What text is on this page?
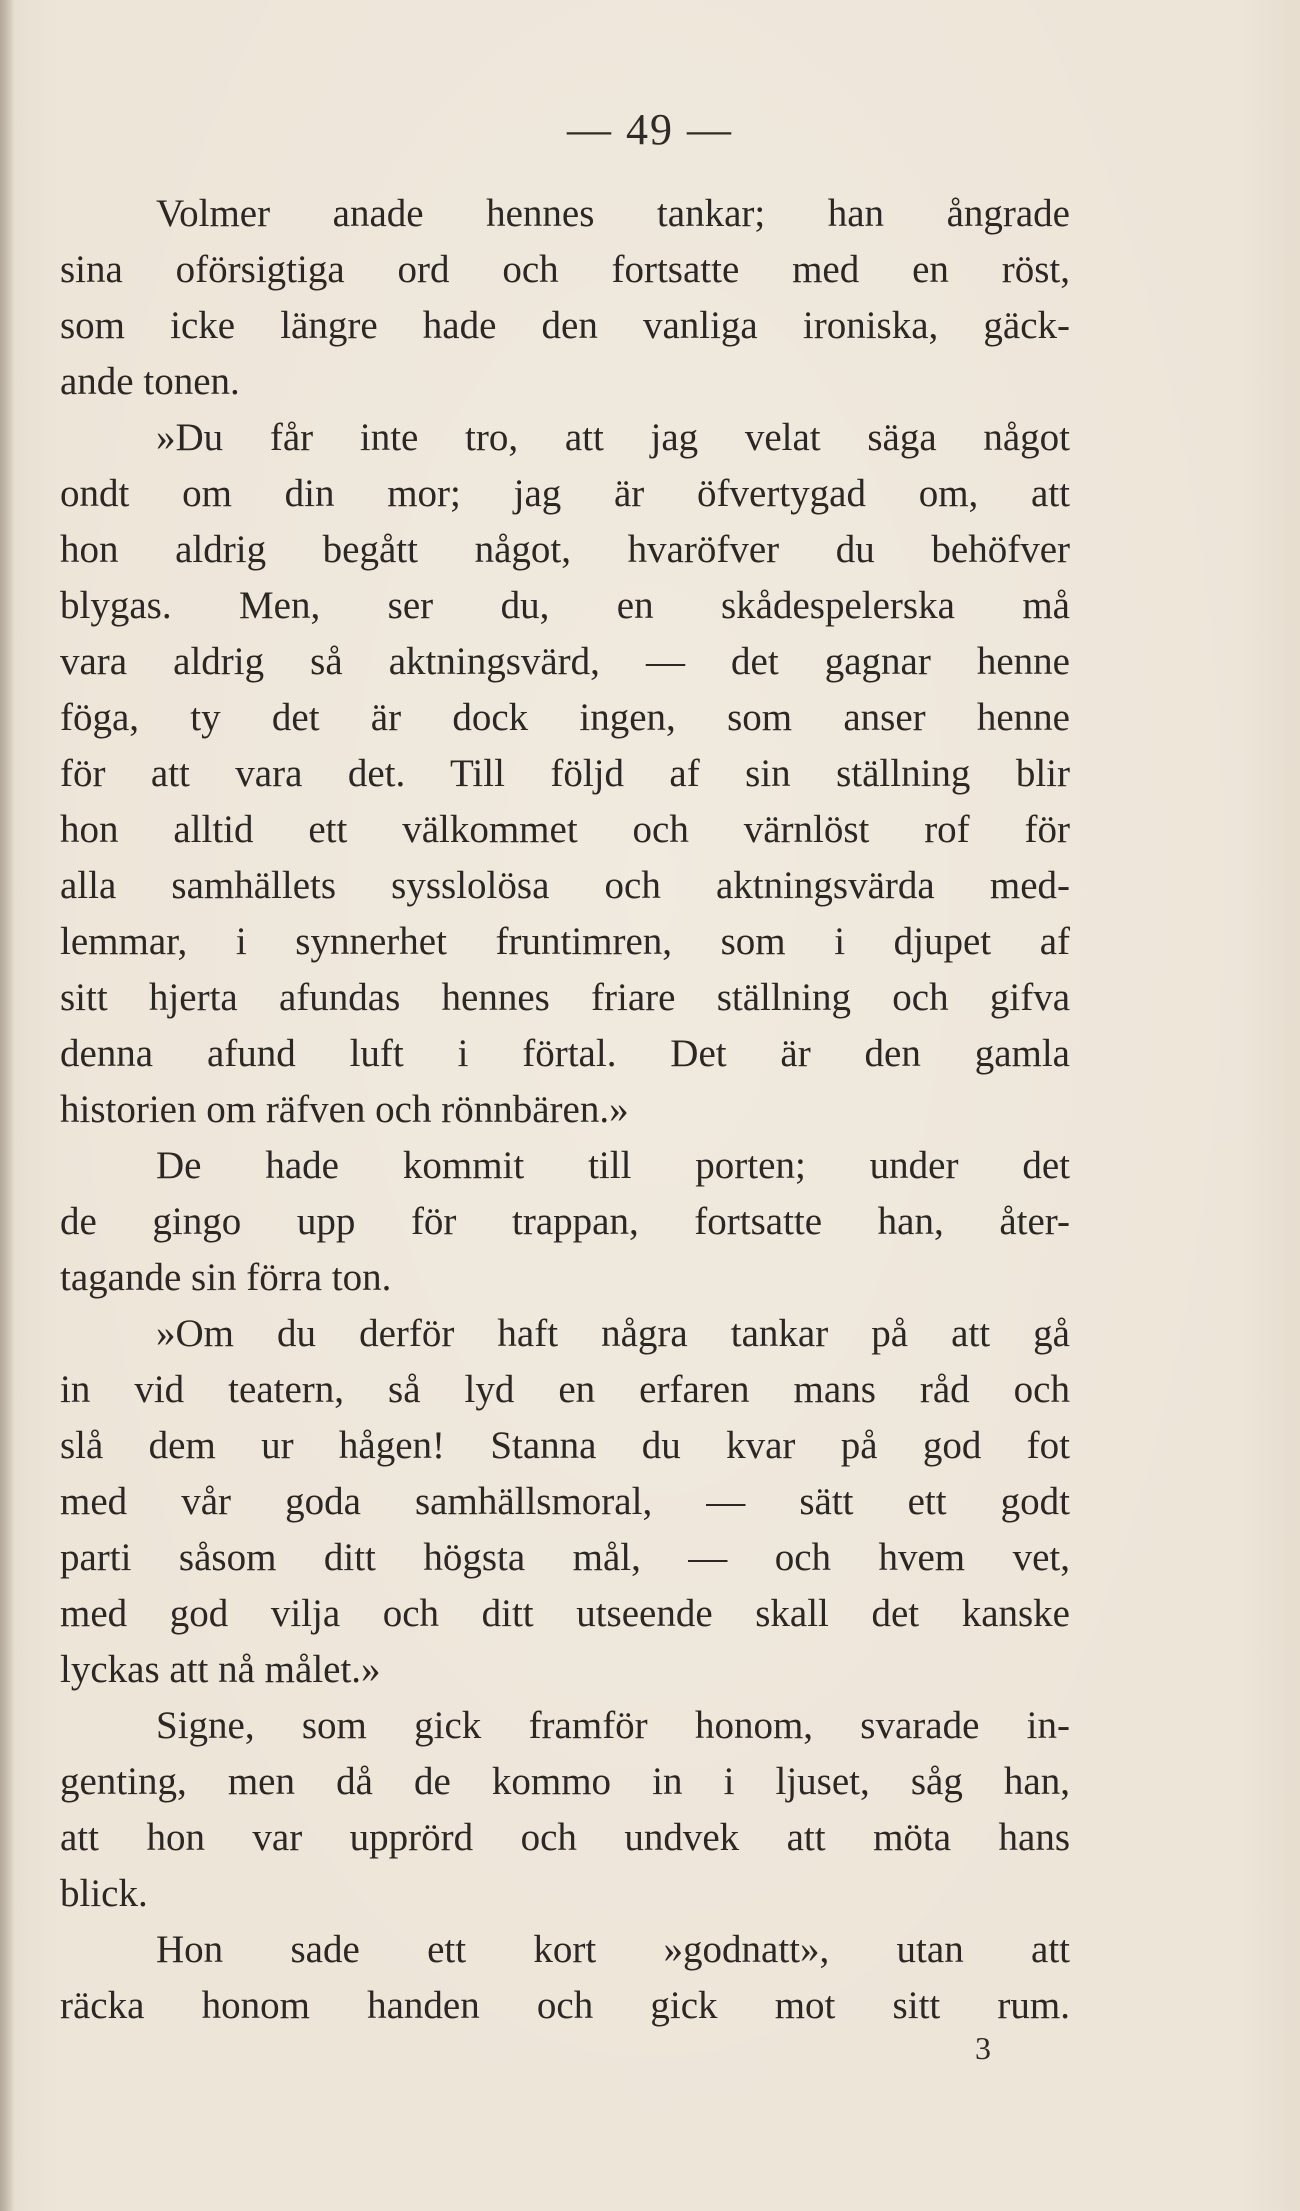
— 49 —
Volmer anade hennes tankar; han ångrade
sina oförsigtiga ord och fortsatte med en röst,
som icke längre hade den vanliga ironiska, gäck-
ande tonen.
»Du får inte tro, att jag velat säga något
ondt om din mor; jag är öfvertygad om, att
hon aldrig begått något, hvaröfver du behöfver
blygas. Men, ser du, en skådespelerska må
vara aldrig så aktningsvärd, — det gagnar henne
föga, ty det är dock ingen, som anser henne
för att vara det. Till följd af sin ställning blir
hon alltid ett välkommet och värnlöst rof för
alla samhällets sysslolösa och aktningsvärda med-
lemmar, i synnerhet fruntimren, som i djupet af
sitt hjerta afundas hennes friare ställning och gifva
denna afund luft i förtal. Det är den gamla
historien om räfven och rönnbären.»
De hade kommit till porten; under det
de gingo upp för trappan, fortsatte han, åter-
tagande sin förra ton.
»Om du derför haft några tankar på att gå
in vid teatern, så lyd en erfaren mans råd och
slå dem ur hågen! Stanna du kvar på god fot
med vår goda samhällsmoral, — sätt ett godt
parti såsom ditt högsta mål, — och hvem vet,
med god vilja och ditt utseende skall det kanske
lyckas att nå målet.»
Signe, som gick framför honom, svarade in-
genting, men då de kommo in i ljuset, såg han,
att hon var upprörd och undvek att möta hans
blick.
Hon sade ett kort »godnatt», utan att
räcka honom handen och gick mot sitt rum.
3
